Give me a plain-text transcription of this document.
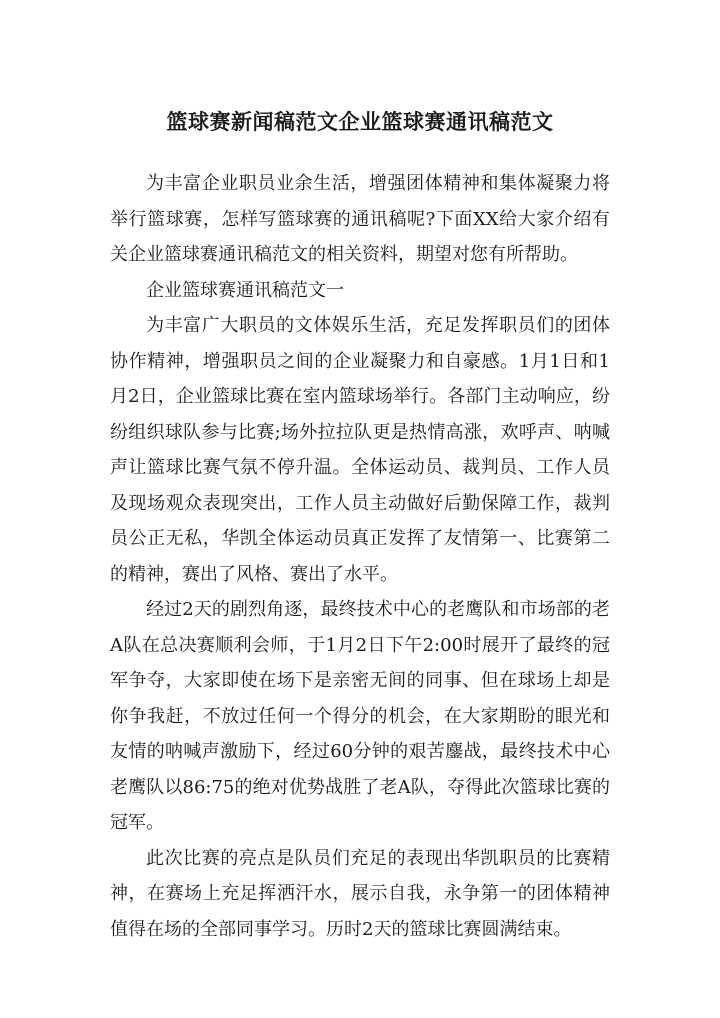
篮球赛新闻稿范文企业篮球赛通讯稿范文

为丰富企业职员业余生活，增强团体精神和集体凝聚力将举行篮球赛，怎样写篮球赛的通讯稿呢?下面XX给大家介绍有关企业篮球赛通讯稿范文的相关资料，期望对您有所帮助。

企业篮球赛通讯稿范文一

为丰富广大职员的文体娱乐生活，充足发挥职员们的团体协作精神，增强职员之间的企业凝聚力和自豪感。1月1日和1月2日，企业篮球比赛在室内篮球场举行。各部门主动响应，纷纷组织球队参与比赛;场外拉拉队更是热情高涨，欢呼声、呐喊声让篮球比赛气氛不停升温。全体运动员、裁判员、工作人员及现场观众表现突出，工作人员主动做好后勤保障工作，裁判员公正无私，华凯全体运动员真正发挥了友情第一、比赛第二的精神，赛出了风格、赛出了水平。

经过2天的剧烈角逐，最终技术中心的老鹰队和市场部的老A队在总决赛顺利会师，于1月2日下午2:00时展开了最终的冠军争夺，大家即使在场下是亲密无间的同事、但在球场上却是你争我赶，不放过任何一个得分的机会，在大家期盼的眼光和友情的呐喊声激励下，经过60分钟的艰苦鏖战，最终技术中心老鹰队以86:75的绝对优势战胜了老A队，夺得此次篮球比赛的冠军。

此次比赛的亮点是队员们充足的表现出华凯职员的比赛精神，在赛场上充足挥洒汗水，展示自我，永争第一的团体精神值得在场的全部同事学习。历时2天的篮球比赛圆满结束。
